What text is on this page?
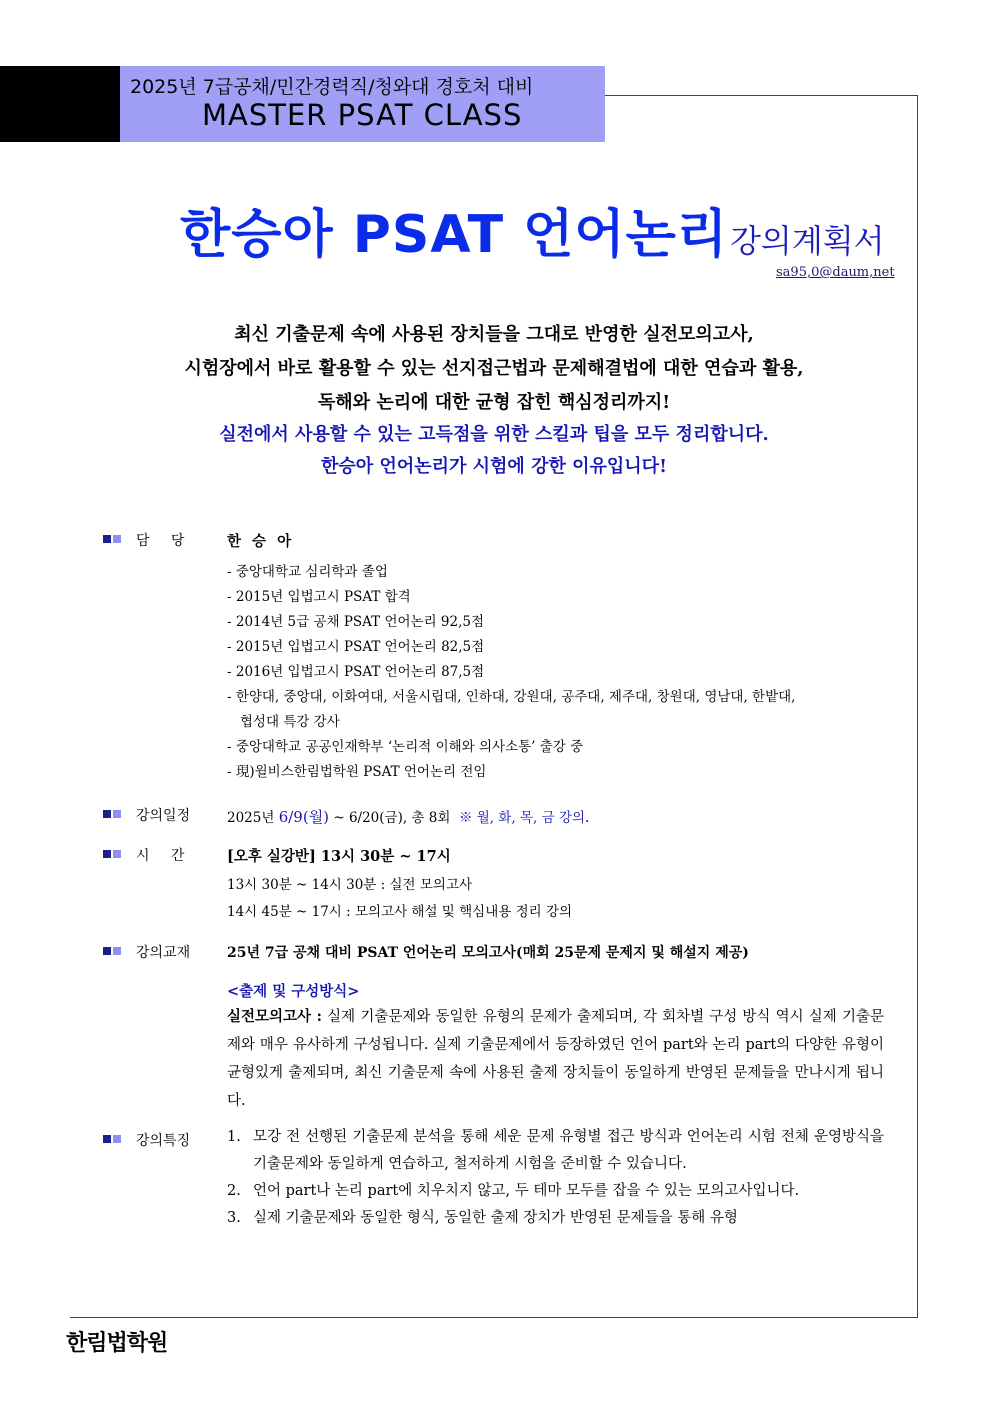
2025년 7급공채/민간경력직/청와대 경호처 대비
MASTER PSAT CLASS
한승아 PSAT 언어논리 강의계획서
sa95,0@daum,net
최신 기출문제 속에 사용된 장치들을 그대로 반영한 실전모의고사,
시험장에서 바로 활용할 수 있는 선지접근법과 문제해결법에 대한 연습과 활용,
독해와 논리에 대한 균형 잡힌 핵심정리까지!
실전에서 사용할 수 있는 고득점을 위한 스킬과 팁을 모두 정리합니다.
한승아 언어논리가 시험에 강한 이유입니다!
담   당	한 승 아
- 중앙대학교 심리학과 졸업
- 2015년 입법고시 PSAT 합격
- 2014년 5급 공채 PSAT 언어논리 92,5점
- 2015년 입법고시 PSAT 언어논리 82,5점
- 2016년 입법고시 PSAT 언어논리 87,5점
- 한양대, 중앙대, 이화여대, 서울시립대, 인하대, 강원대, 공주대, 제주대, 창원대, 영남대, 한밭대,
협성대 특강 강사
- 중앙대학교 공공인재학부 ‘논리적 이해와 의사소통’ 출강 중
- 現)윌비스한림법학원 PSAT 언어논리 전임
강의일정	2025년 6/9(월) ~ 6/20(금), 총 8회  ※ 월, 화, 목, 금 강의.
시   간	[오후 실강반] 13시 30분 ~ 17시
13시 30분 ~ 14시 30분 : 실전 모의고사
14시 45분 ~ 17시 : 모의고사 해설 및 핵심내용 정리 강의
강의교재	25년 7급 공채 대비 PSAT 언어논리 모의고사(매회 25문제 문제지 및 해설지 제공)
<출제 및 구성방식>
실전모의고사 : 실제 기출문제와 동일한 유형의 문제가 출제되며, 각 회차별 구성 방식 역시 실제 기출문제와 매우 유사하게 구성됩니다. 실제 기출문제에서 등장하였던 언어 part와 논리 part의 다양한 유형이 균형있게 출제되며, 최신 기출문제 속에 사용된 출제 장치들이 동일하게 반영된 문제들을 만나시게 됩니다.
강의특징	1. 모강 전 선행된 기출문제 분석을 통해 세운 문제 유형별 접근 방식과 언어논리 시험 전체 운영방식을 기출문제와 동일하게 연습하고, 철저하게 시험을 준비할 수 있습니다.
2. 언어 part나 논리 part에 치우치지 않고, 두 테마 모두를 잡을 수 있는 모의고사입니다.
3. 실제 기출문제와 동일한 형식, 동일한 출제 장치가 반영된 문제들을 통해 유형
한림법학원
